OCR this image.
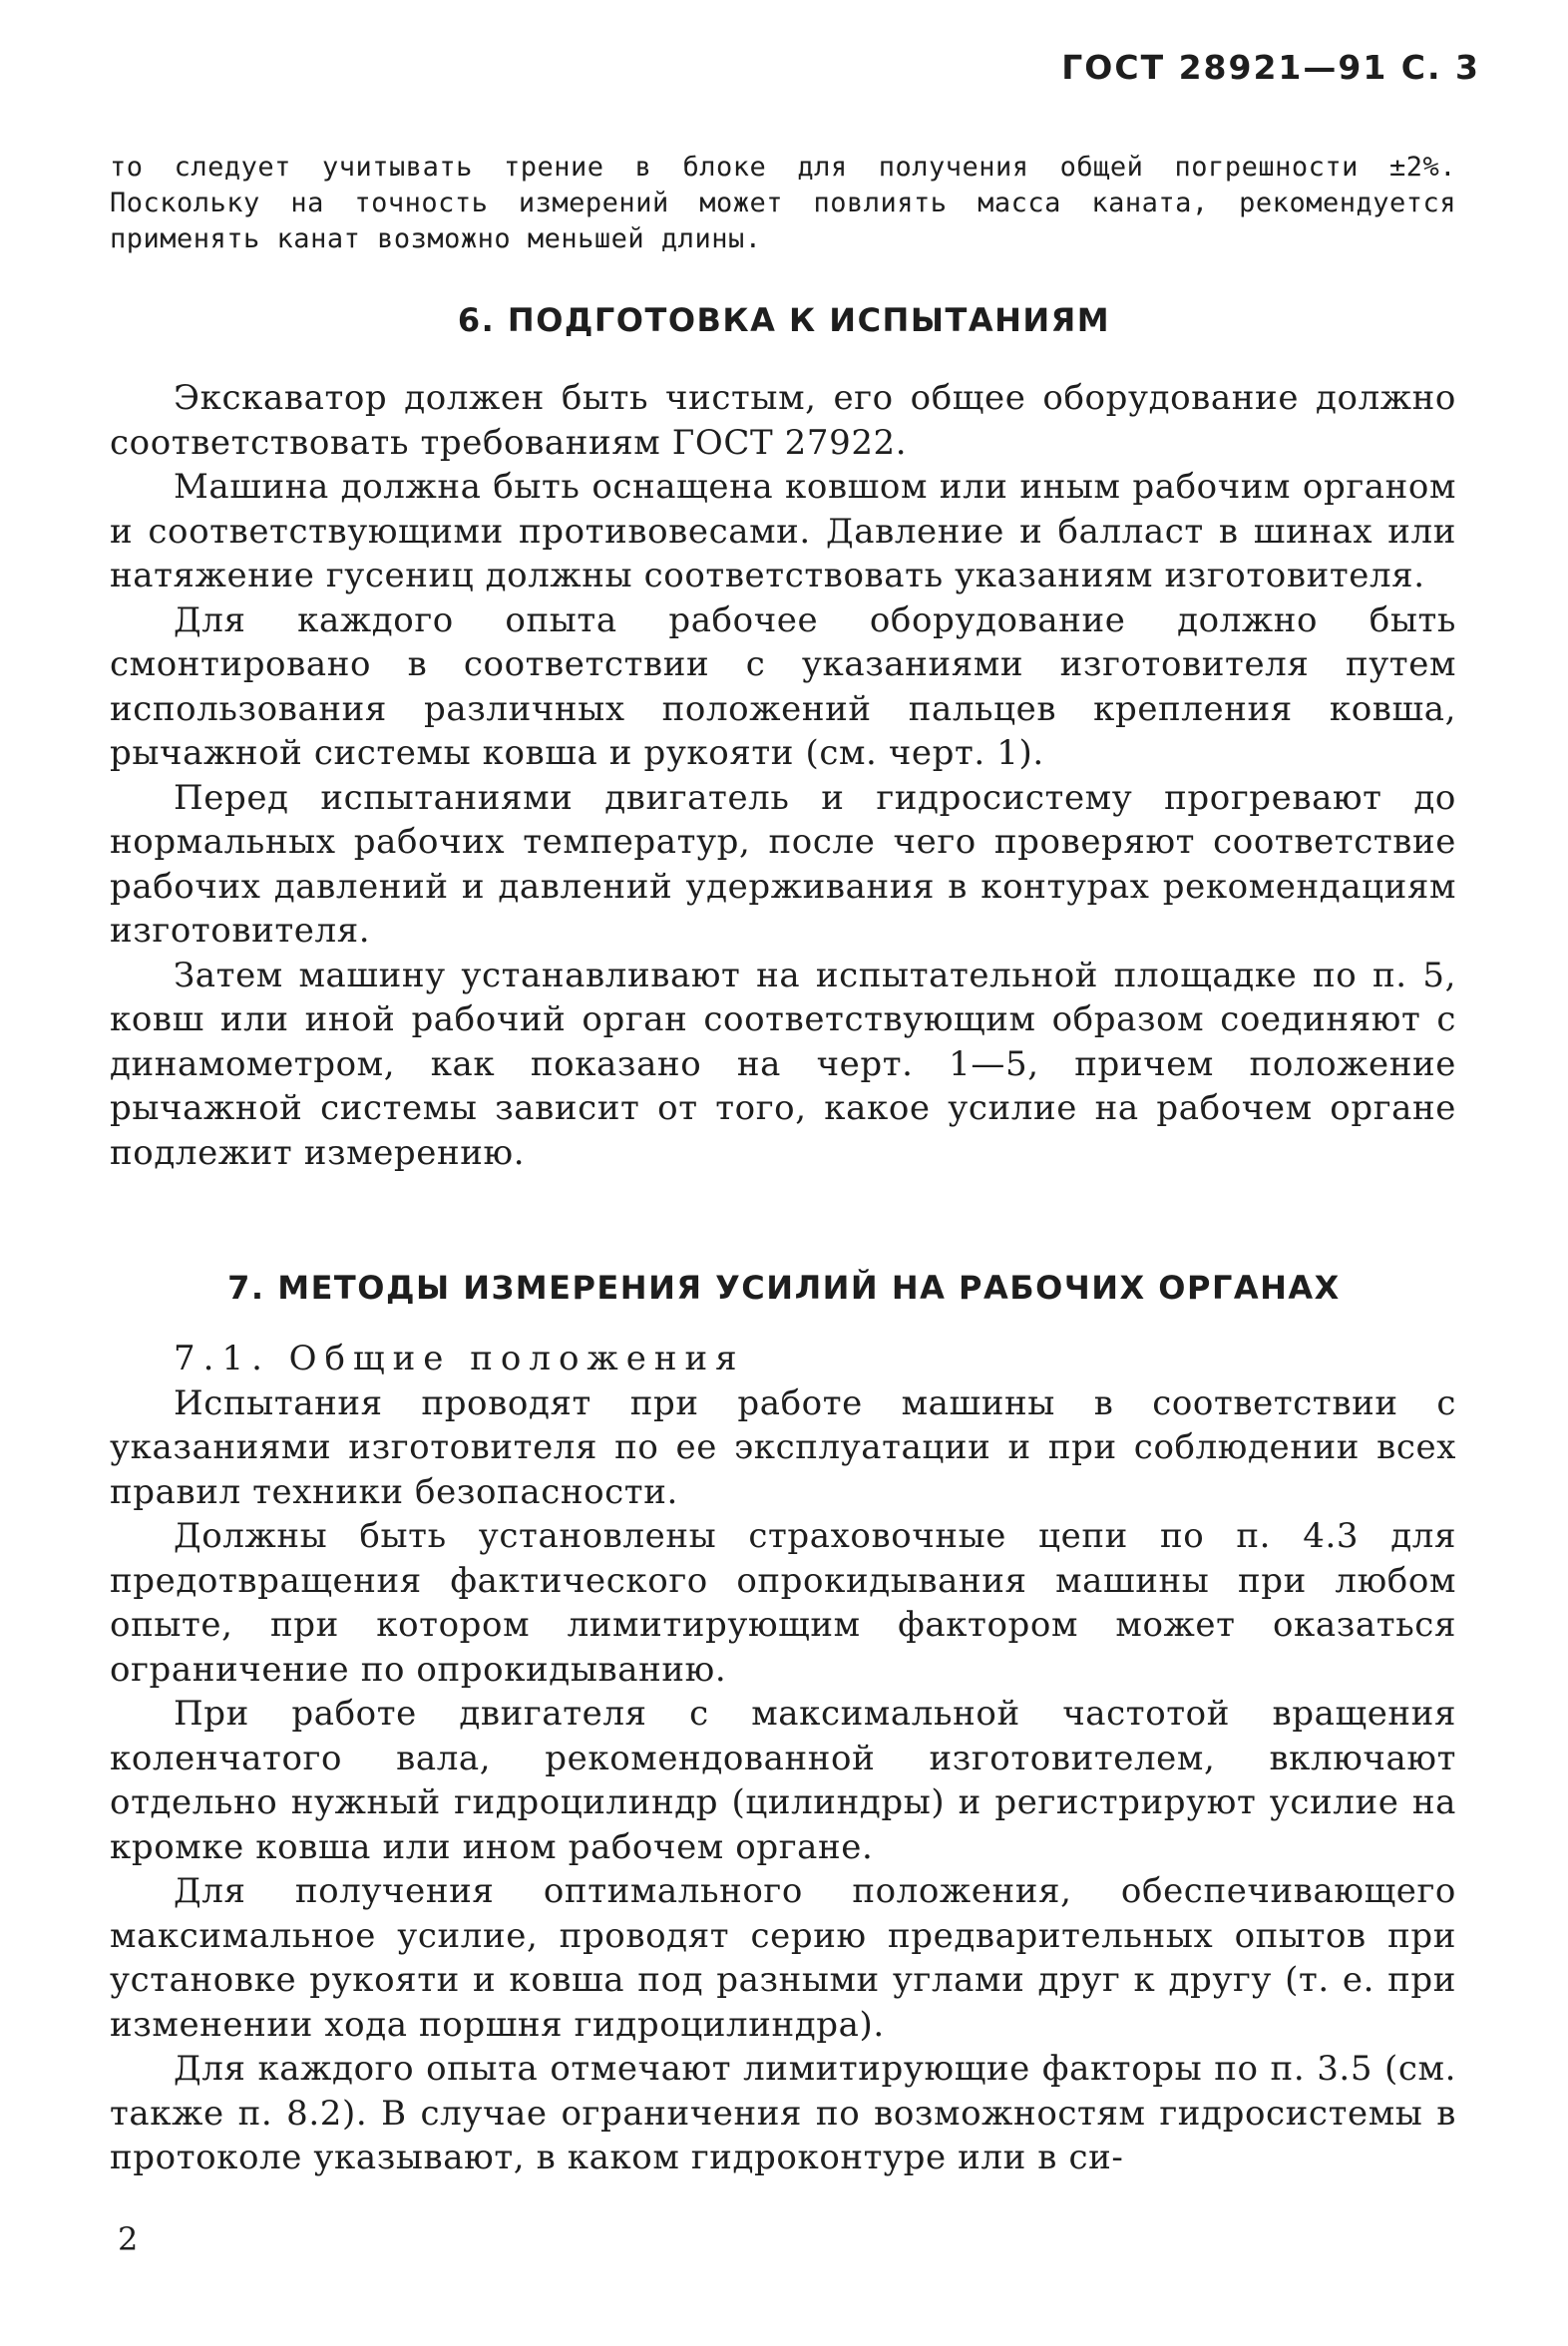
ГОСТ 28921—91 С. 3

то следует учитывать трение в блоке для получения общей погрешности ±2%. Поскольку на точность измерений может повлиять масса каната, рекомендуется применять канат возможно меньшей длины.

6. ПОДГОТОВКА К ИСПЫТАНИЯМ

Экскаватор должен быть чистым, его общее оборудование должно соответствовать требованиям ГОСТ 27922.

Машина должна быть оснащена ковшом или иным рабочим органом и соответствующими противовесами. Давление и балласт в шинах или натяжение гусениц должны соответствовать указаниям изготовителя.

Для каждого опыта рабочее оборудование должно быть смонтировано в соответствии с указаниями изготовителя путем использования различных положений пальцев крепления ковша, рычажной системы ковша и рукояти (см. черт. 1).

Перед испытаниями двигатель и гидросистему прогревают до нормальных рабочих температур, после чего проверяют соответствие рабочих давлений и давлений удерживания в контурах рекомендациям изготовителя.

Затем машину устанавливают на испытательной площадке по п. 5, ковш или иной рабочий орган соответствующим образом соединяют с динамометром, как показано на черт. 1—5, причем положение рычажной системы зависит от того, какое усилие на рабочем органе подлежит измерению.

7. МЕТОДЫ ИЗМЕРЕНИЯ УСИЛИЙ НА РАБОЧИХ ОРГАНАХ

7.1. Общие положения

Испытания проводят при работе машины в соответствии с указаниями изготовителя по ее эксплуатации и при соблюдении всех правил техники безопасности.

Должны быть установлены страховочные цепи по п. 4.3 для предотвращения фактического опрокидывания машины при любом опыте, при котором лимитирующим фактором может оказаться ограничение по опрокидыванию.

При работе двигателя с максимальной частотой вращения коленчатого вала, рекомендованной изготовителем, включают отдельно нужный гидроцилиндр (цилиндры) и регистрируют усилие на кромке ковша или ином рабочем органе.

Для получения оптимального положения, обеспечивающего максимальное усилие, проводят серию предварительных опытов при установке рукояти и ковша под разными углами друг к другу (т. е. при изменении хода поршня гидроцилиндра).

Для каждого опыта отмечают лимитирующие факторы по п. 3.5 (см. также п. 8.2). В случае ограничения по возможностям гидросистемы в протоколе указывают, в каком гидроконтуре или в си-

2
